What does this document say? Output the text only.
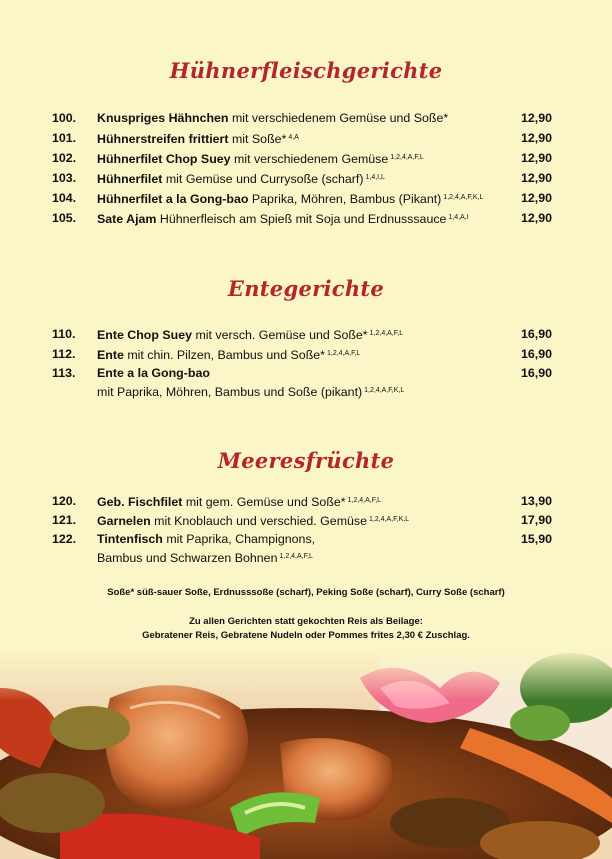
Hühnerfleischgerichte
100. Knuspriges Hähnchen mit verschiedenem Gemüse und Soße*	12,90
101. Hühnerstreifen frittiert mit Soße* $^{4,A}$	12,90
102. Hühnerfilet Chop Suey mit verschiedenem Gemüse $^{1,2,4,A,F,L}$	12,90
103. Hühnerfilet mit Gemüse und Currysoße (scharf) $^{1,4,I,L}$	12,90
104. Hühnerfilet a la Gong-bao Paprika, Möhren, Bambus (Pikant) $^{1,2,4,A,F,K,L}$	12,90
105. Sate Ajam Hühnerfleisch am Spieß mit Soja und Erdnusssauce $^{1,4,A,I}$	12,90
Entegerichte
110. Ente Chop Suey mit versch. Gemüse und Soße* $^{1,2,4,A,F,L}$	16,90
112. Ente mit chin. Pilzen, Bambus und Soße* $^{1,2,4,A,F,L}$	16,90
113. Ente a la Gong-bao	16,90
mit Paprika, Möhren, Bambus und Soße (pikant) $^{1,2,4,A,F,K,L}$
Meeresfrüchte
120. Geb. Fischfilet mit gem. Gemüse und Soße* $^{1,2,4,A,F,L}$	13,90
121. Garnelen mit Knoblauch und verschied. Gemüse $^{1,2,4,A,F,K,L}$	17,90
122. Tintenfisch mit Paprika, Champignons,	15,90
Bambus und Schwarzen Bohnen $^{1,2,4,A,F,L}$
Soße* süß-sauer Soße, Erdnusssoße (scharf), Peking Soße (scharf), Curry Soße (scharf)
Zu allen Gerichten statt gekochten Reis als Beilage:
Gebratener Reis, Gebratene Nudeln oder Pommes frites 2,30 € Zuschlag.
